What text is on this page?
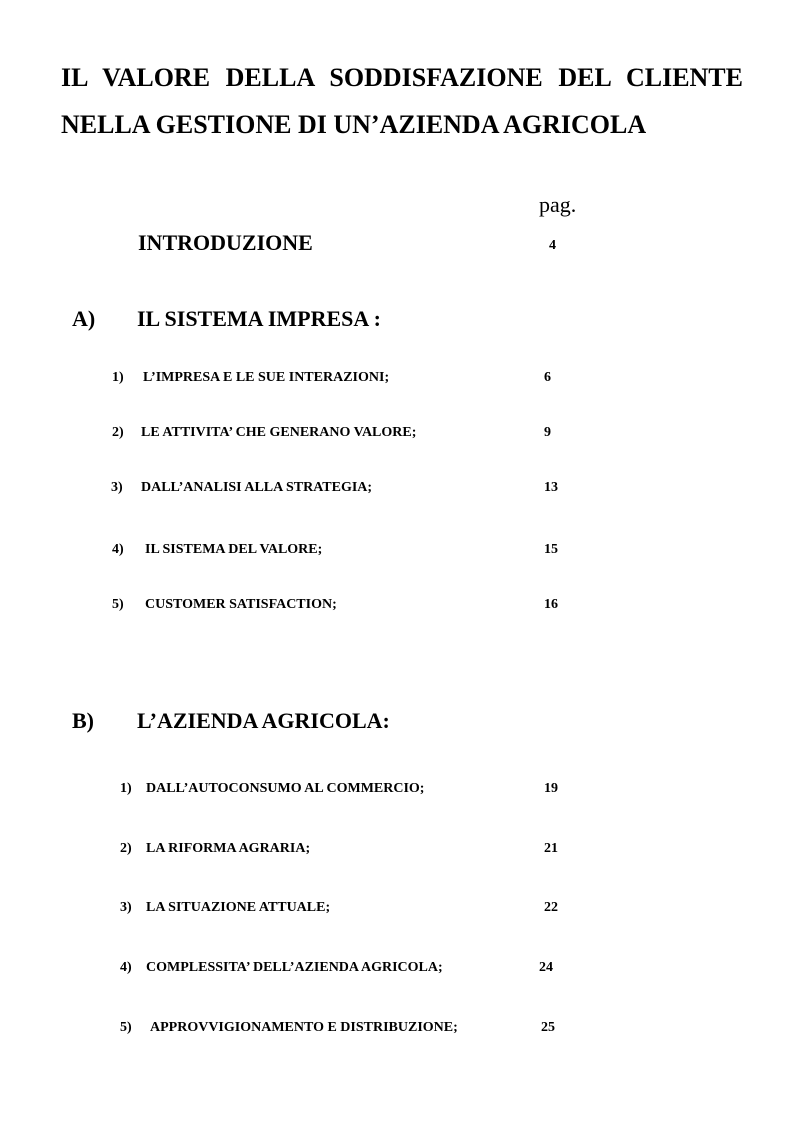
IL VALORE DELLA SODDISFAZIONE DEL CLIENTE
NELLA GESTIONE DI UN’AZIENDA AGRICOLA
pag.
INTRODUZIONE	4
A) IL SISTEMA IMPRESA :
1) L’IMPRESA E LE SUE INTERAZIONI;	6
2) LE ATTIVITA’ CHE GENERANO VALORE;	9
3) DALL’ANALISI ALLA STRATEGIA;	13
4) IL SISTEMA DEL VALORE;	15
5) CUSTOMER SATISFACTION;	16
B) L’AZIENDA AGRICOLA:
1) DALL’AUTOCONSUMO AL COMMERCIO;	19
2) LA RIFORMA AGRARIA;	21
3) LA SITUAZIONE ATTUALE;	22
4) COMPLESSITA’ DELL’AZIENDA AGRICOLA;	24
5) APPROVVIGIONAMENTO E DISTRIBUZIONE;	25
